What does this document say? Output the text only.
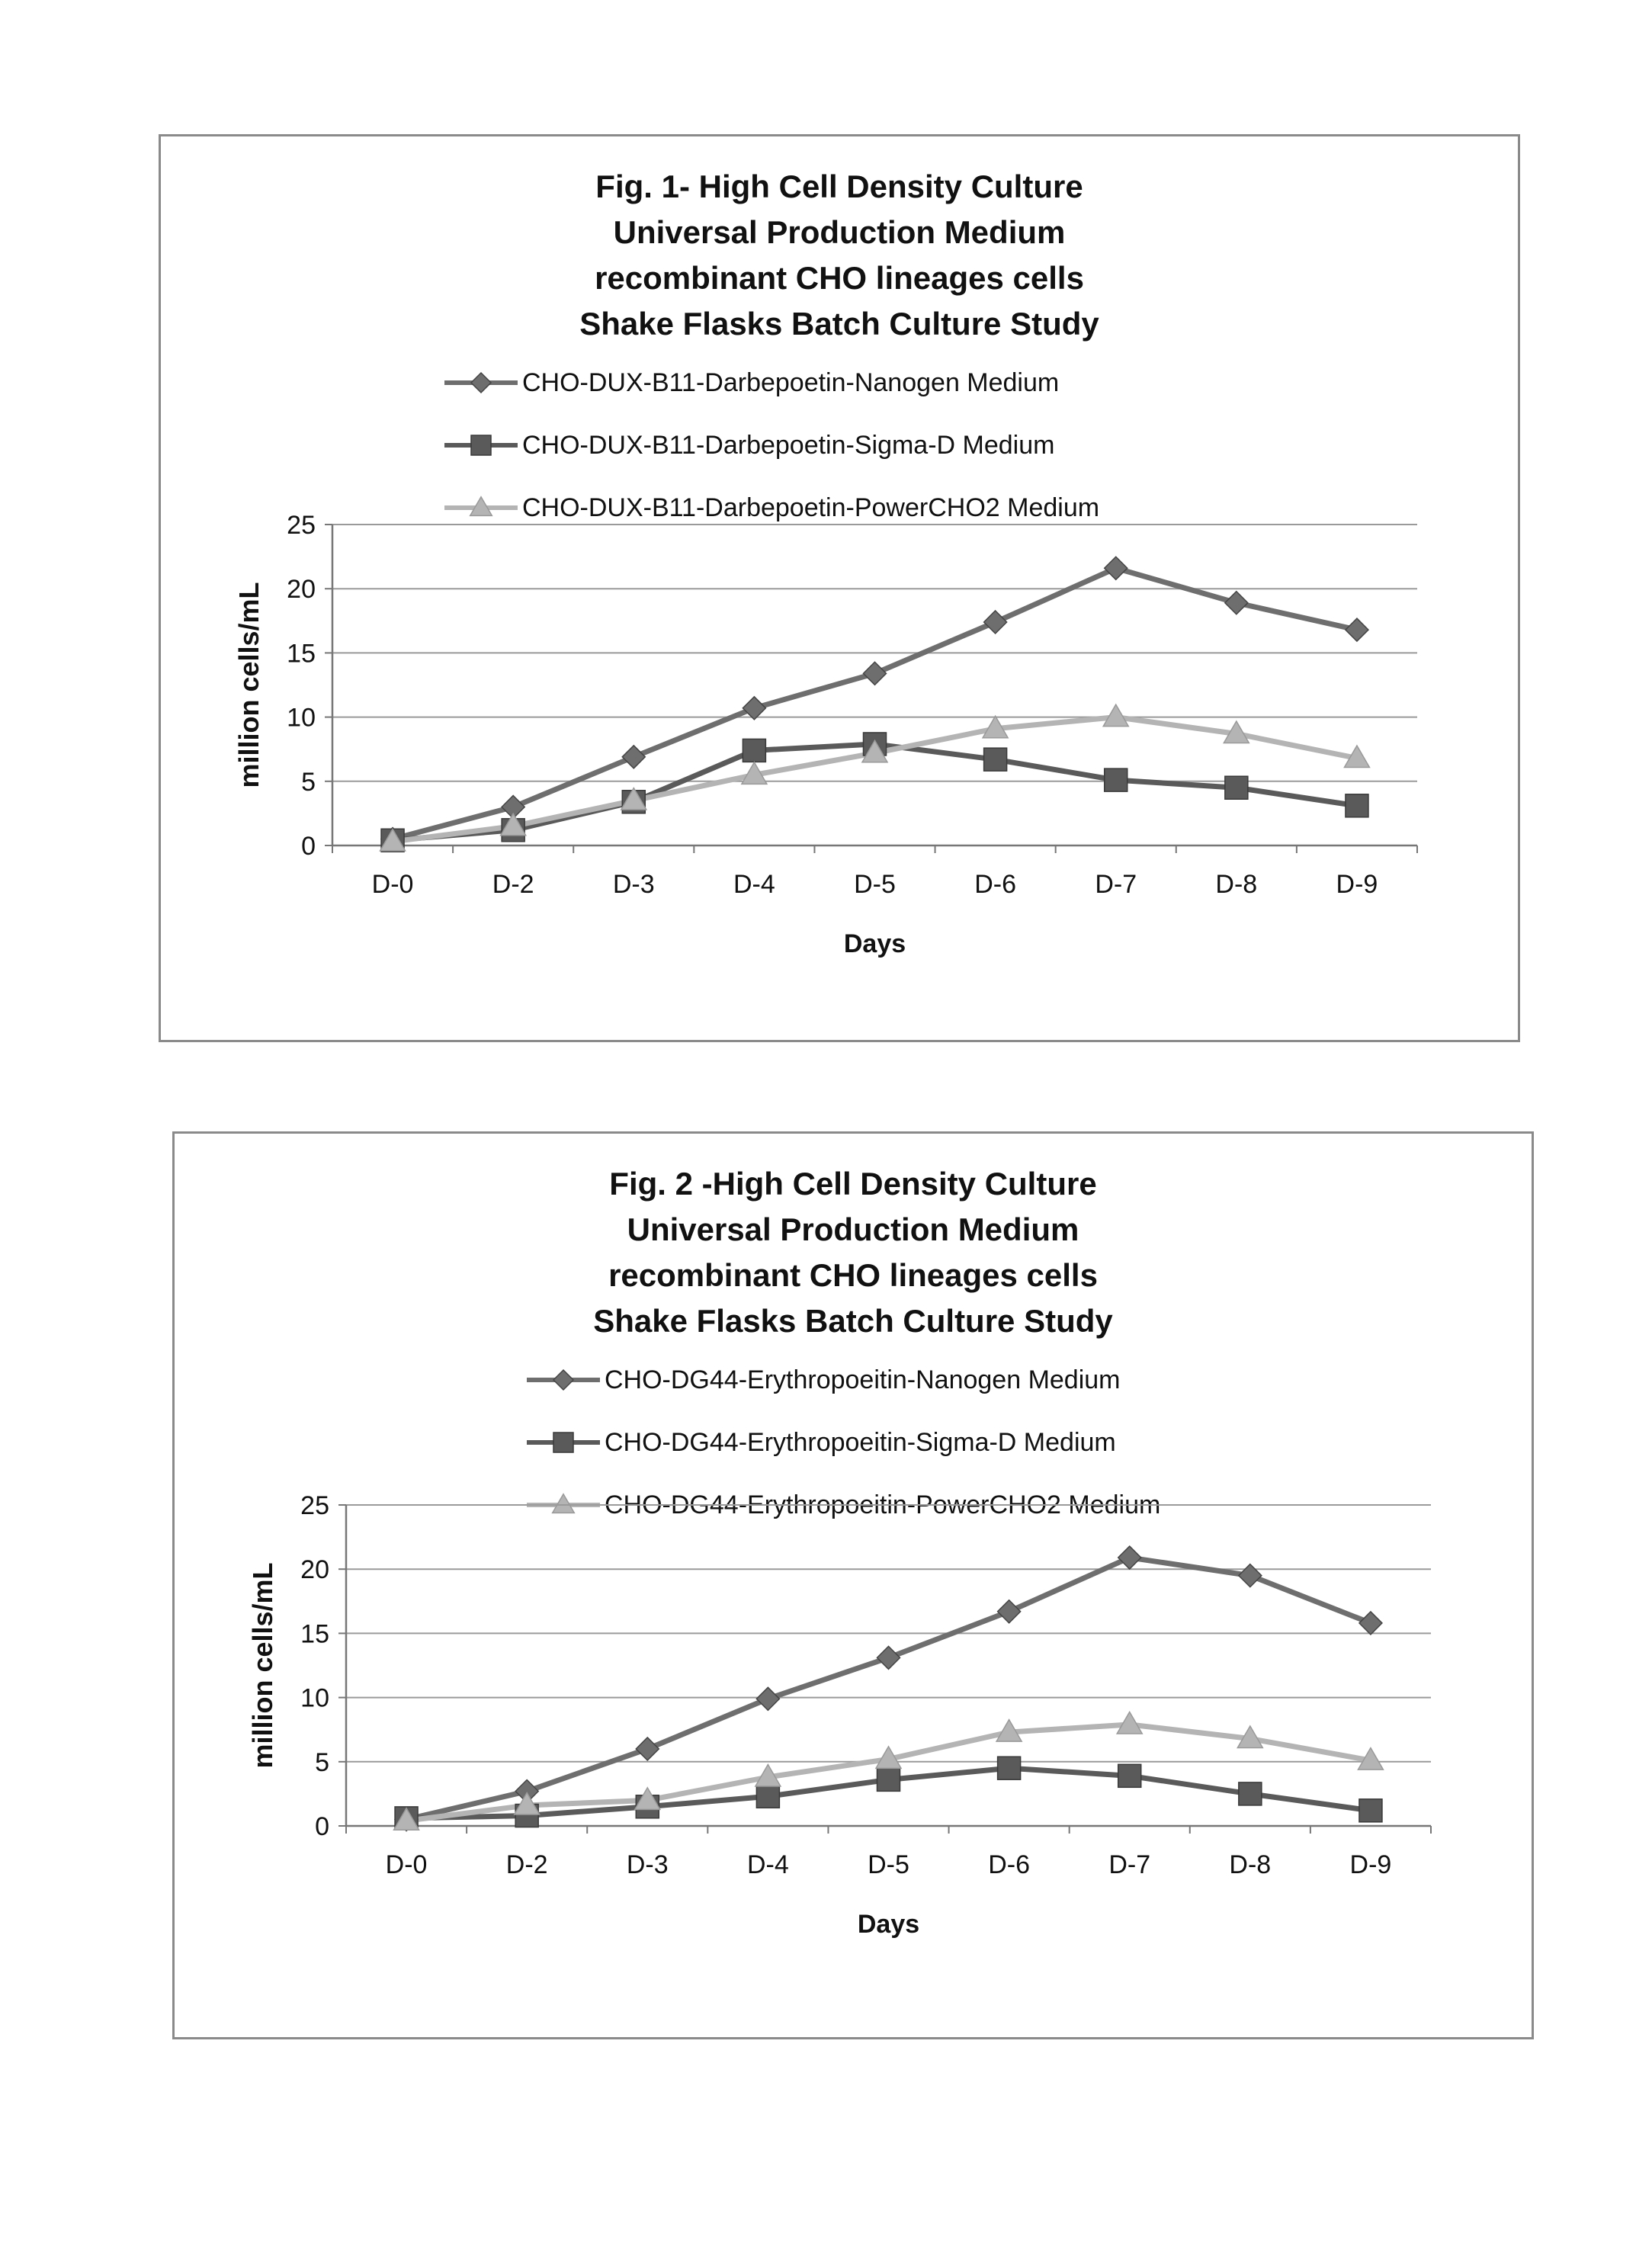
Fig. 1- High Cell Density Culture
Universal Production Medium
recombinant CHO lineages cells
Shake Flasks Batch Culture Study
CHO-DUX-B11-Darbepoetin-Nanogen Medium
CHO-DUX-B11-Darbepoetin-Sigma-D Medium
CHO-DUX-B11-Darbepoetin-PowerCHO2 Medium
0
5
10
15
20
25
D-0	D-2	D-3	D-4	D-5	D-6	D-7	D-8	D-9
Days
million cells/mL
Fig. 2 -High Cell Density Culture
Universal Production Medium
recombinant CHO lineages cells
Shake Flasks Batch Culture Study
CHO-DG44-Erythropoeitin-Nanogen Medium
CHO-DG44-Erythropoeitin-Sigma-D Medium
CHO-DG44-Erythropoeitin-PowerCHO2 Medium
0
5
10
15
20
25
D-0	D-2	D-3	D-4	D-5	D-6	D-7	D-8	D-9
Days
million cells/mL
